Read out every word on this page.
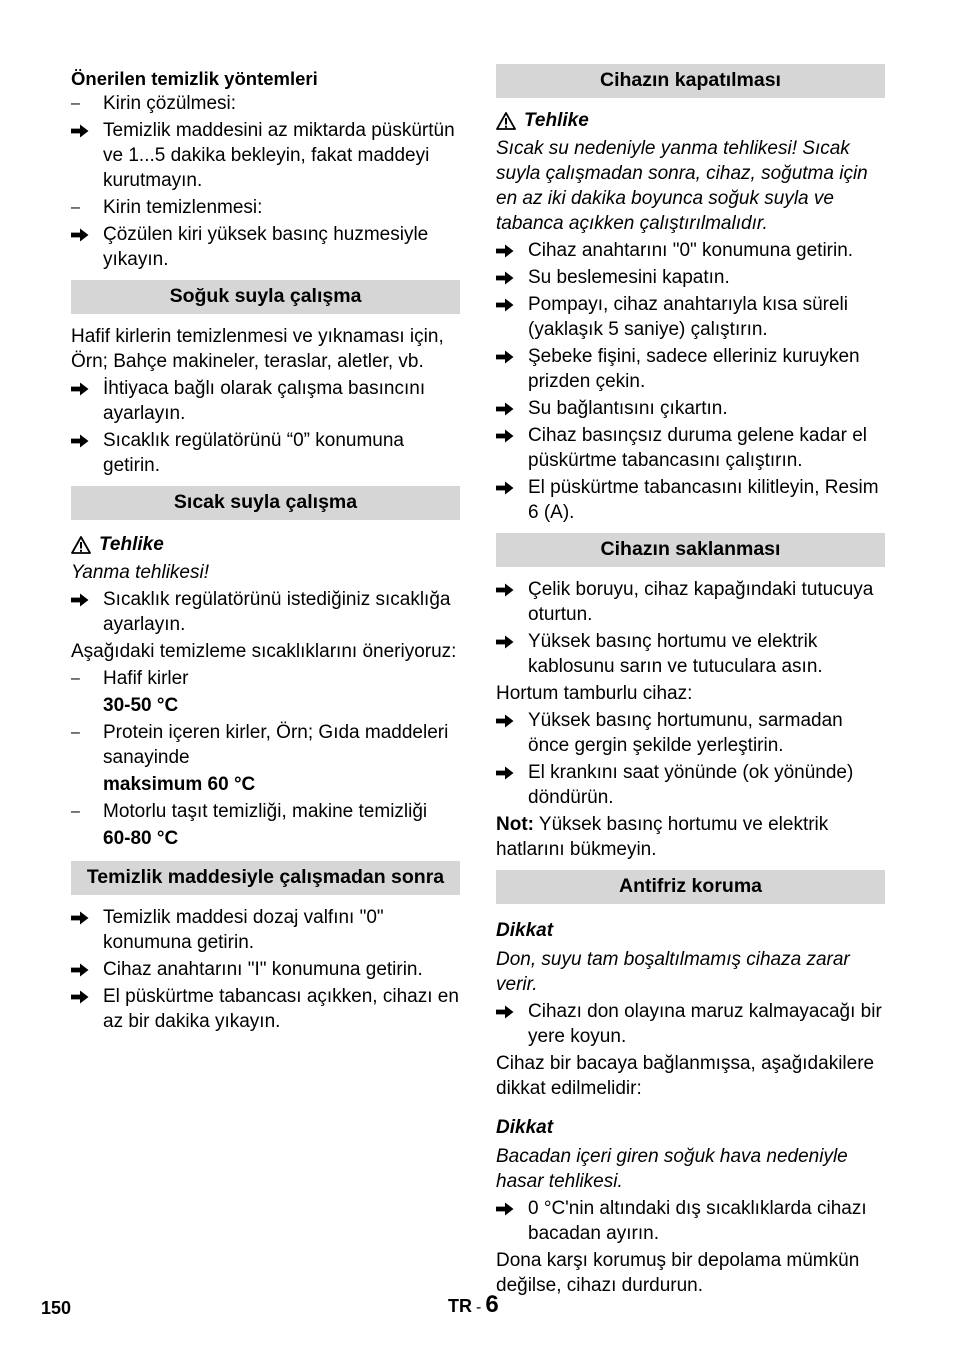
Önerilen temizlik yöntemleri
–	Kirin çözülmesi:
Temizlik maddesini az miktarda püskürtün ve 1...5 dakika bekleyin, fakat maddeyi kurutmayın.
–	Kirin temizlenmesi:
Çözülen kiri yüksek basınç huzmesiyle yıkayın.
Soğuk suyla çalışma
Hafif kirlerin temizlenmesi ve yıknaması için, Örn; Bahçe makineler, teraslar, aletler, vb.
İhtiyaca bağlı olarak çalışma basıncını ayarlayın.
Sıcaklık regülatörünü “0” konumuna getirin.
Sıcak suyla çalışma
Tehlike
Yanma tehlikesi!
Sıcaklık regülatörünü istediğiniz sıcaklığa ayarlayın.
Aşağıdaki temizleme sıcaklıklarını öneriyoruz:
–	Hafif kirler
30-50 °C
–	Protein içeren kirler, Örn; Gıda maddeleri sanayinde
maksimum 60 °C
–	Motorlu taşıt temizliği, makine temizliği
60-80 °C
Temizlik maddesiyle çalışmadan sonra
Temizlik maddesi dozaj valfını "0" konumuna getirin.
Cihaz anahtarını "I" konumuna getirin.
El püskürtme tabancası açıkken, cihazı en az bir dakika yıkayın.
Cihazın kapatılması
Tehlike
Sıcak su nedeniyle yanma tehlikesi! Sıcak suyla çalışmadan sonra, cihaz, soğutma için en az iki dakika boyunca soğuk suyla ve tabanca açıkken çalıştırılmalıdır.
Cihaz anahtarını "0" konumuna getirin.
Su beslemesini kapatın.
Pompayı, cihaz anahtarıyla kısa süreli (yaklaşık 5 saniye) çalıştırın.
Şebeke fişini, sadece elleriniz kuruyken prizden çekin.
Su bağlantısını çıkartın.
Cihaz basınçsız duruma gelene kadar el püskürtme tabancasını çalıştırın.
El püskürtme tabancasını kilitleyin, Resim 6 (A).
Cihazın saklanması
Çelik boruyu, cihaz kapağındaki tutucuya oturtun.
Yüksek basınç hortumu ve elektrik kablosunu sarın ve tutuculara asın.
Hortum tamburlu cihaz:
Yüksek basınç hortumunu, sarmadan önce gergin şekilde yerleştirin.
El krankını saat yönünde (ok yönünde) döndürün.
Not: Yüksek basınç hortumu ve elektrik hatlarını bükmeyin.
Antifriz koruma
Dikkat
Don, suyu tam boşaltılmamış cihaza zarar verir.
Cihazı don olayına maruz kalmayacağı bir yere koyun.
Cihaz bir bacaya bağlanmışsa, aşağıdakilere dikkat edilmelidir:
Dikkat
Bacadan içeri giren soğuk hava nedeniyle hasar tehlikesi.
0 °C'nin altındaki dış sıcaklıklarda cihazı bacadan ayırın.
Dona karşı korumuş bir depolama mümkün değilse, cihazı durdurun.
150	TR - 6
